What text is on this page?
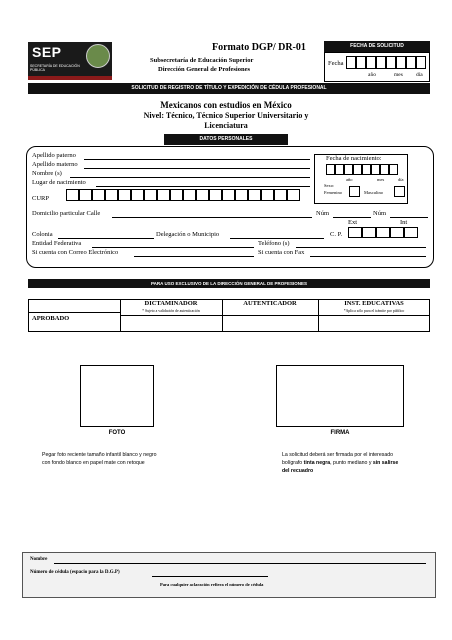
SEP
SECRETARÍA DE EDUCACIÓN PÚBLICA
Formato DGP/ DR-01
Subsecretaría de Educación Superior
Dirección General de Profesiones
FECHA DE SOLICITUD
Fecha
año	mes día
SOLICITUD DE REGISTRO DE TÍTULO Y EXPEDICIÓN DE CÉDULA PROFESIONAL
Mexicanos con estudios en México
Nivel: Técnico, Técnico Superior Universitario y
Licenciatura
DATOS PERSONALES
Apellido paterno
Apellido materno
Nombre (s)
Lugar de nacimiento
CURP
Fecha de nacimiento:
año	mes	día
Sexo:
Femenino	Masculino
Domicilio particular Calle	Núm	Núm
Ext	Int
Colonia	Delegación o Municipio	C. P.
Entidad Federativa	Teléfono (s)
Si cuenta con Correo Electrónico	Si cuenta con Fax
PARA USO EXCLUSIVO DE LA DIRECCIÓN GENERAL DE PROFESIONES
DICTAMINADOR	AUTENTICADOR	INST. EDUCATIVAS
* Sujeto a validación de autenticación	*Aplica sólo para el trámite por público
APROBADO
FOTO
Pegar foto reciente tamaño infantil blanco y negro
con fondo blanco en papel mate con retoque
FIRMA
La solicitud deberá ser firmada por el interesado
bolígrafo tinta negra, punto mediano y sin salirse
del recuadro
Nombre
Número de cédula (espacio para la D.G.P)
Para cualquier aclaración refiera el número de cédula
